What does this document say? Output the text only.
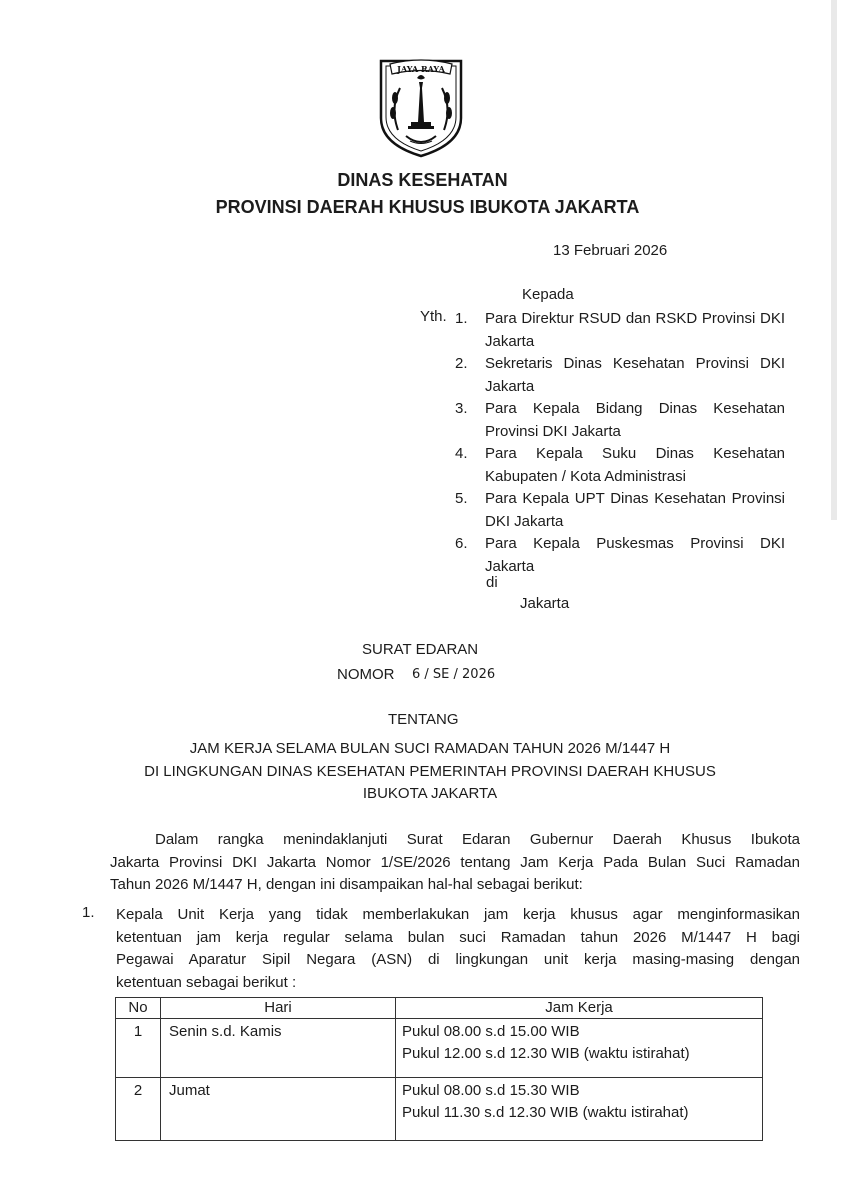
JAYA RAYA
DINAS KESEHATAN
PROVINSI DAERAH KHUSUS IBUKOTA JAKARTA
13 Februari 2026
Kepada
Yth. 1.	Para Direktur RSUD dan RSKD Provinsi DKI Jakarta
2.	Sekretaris Dinas Kesehatan Provinsi DKI Jakarta
3.	Para Kepala Bidang Dinas Kesehatan Provinsi DKI Jakarta
4.	Para Kepala Suku Dinas Kesehatan Kabupaten / Kota Administrasi
5.	Para Kepala UPT Dinas Kesehatan Provinsi DKI Jakarta
6.	Para Kepala Puskesmas Provinsi DKI Jakarta
di
Jakarta
SURAT EDARAN
NOMOR 6 / SE / 2026
TENTANG
JAM KERJA SELAMA BULAN SUCI RAMADAN TAHUN 2026 M/1447 H
DI LINGKUNGAN DINAS KESEHATAN PEMERINTAH PROVINSI DAERAH KHUSUS
IBUKOTA JAKARTA
Dalam rangka menindaklanjuti Surat Edaran Gubernur Daerah Khusus Ibukota
Jakarta Provinsi DKI Jakarta Nomor 1/SE/2026 tentang Jam Kerja Pada Bulan Suci Ramadan
Tahun 2026 M/1447 H, dengan ini disampaikan hal-hal sebagai berikut:
1. Kepala Unit Kerja yang tidak memberlakukan jam kerja khusus agar menginformasikan
ketentuan jam kerja regular selama bulan suci Ramadan tahun 2026 M/1447 H bagi
Pegawai Aparatur Sipil Negara (ASN) di lingkungan unit kerja masing-masing dengan
ketentuan sebagai berikut :
No	Hari	Jam Kerja
1	Senin s.d. Kamis	Pukul 08.00 s.d 15.00 WIB
Pukul 12.00 s.d 12.30 WIB (waktu istirahat)

2	Jumat	Pukul 08.00 s.d 15.30 WIB
Pukul 11.30 s.d 12.30 WIB (waktu istirahat)
